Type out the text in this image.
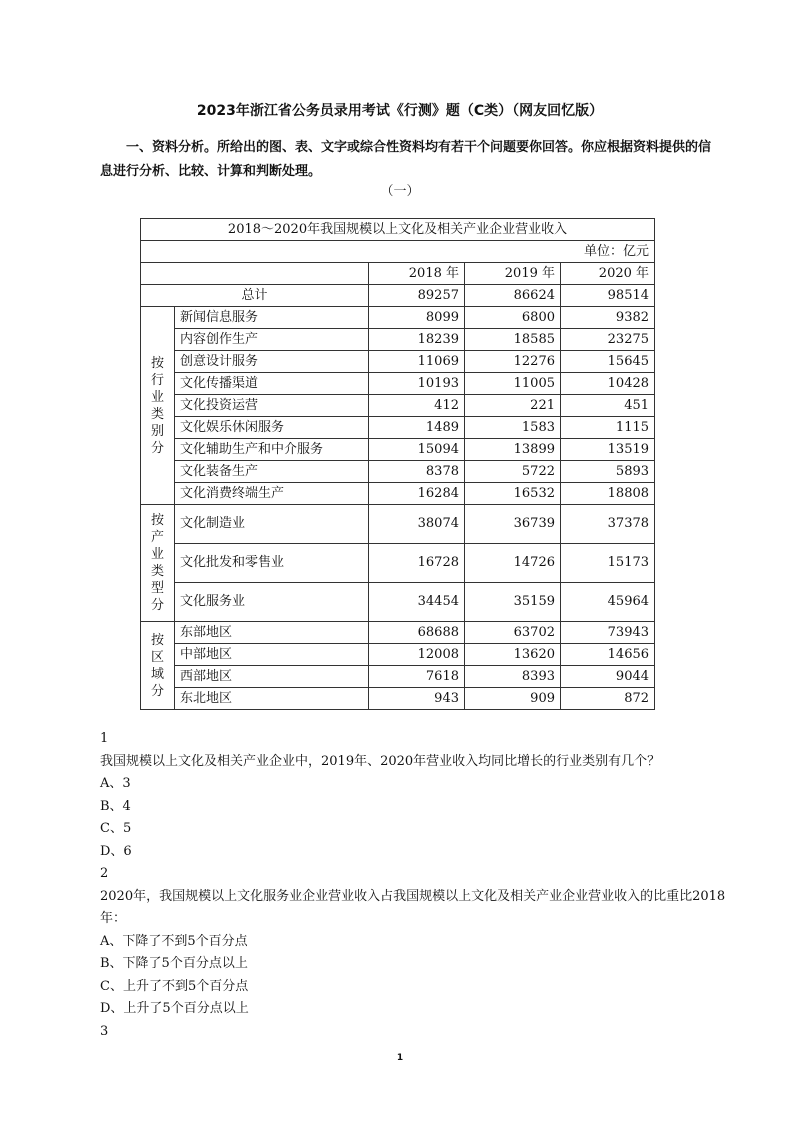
2023年浙江省公务员录用考试《行测》题（C类）（网友回忆版）
一、资料分析。所给出的图、表、文字或综合性资料均有若干个问题要你回答。你应根据资料提供的信息进行分析、比较、计算和判断处理。
（一）
2018～2020年我国规模以上文化及相关产业企业营业收入				
单位：亿元				
		2018 年	2019 年	2020 年
总计		89257	86624	98514

按行业类别分	新闻信息服务	8099	6800	9382
	内容创作生产	18239	18585	23275
	创意设计服务	11069	12276	15645
	文化传播渠道	10193	11005	10428
	文化投资运营	412	221	451
	文化娱乐休闲服务	1489	1583	1115
	文化辅助生产和中介服务	15094	13899	13519
	文化装备生产	8378	5722	5893
	文化消费终端生产	16284	16532	18808

按产业类型分	文化制造业	38074	36739	37378
	文化批发和零售业	16728	14726	15173
	文化服务业	34454	35159	45964

按区域分	东部地区	68688	63702	73943
	中部地区	12008	13620	14656
	西部地区	7618	8393	9044
	东北地区	943	909	872
1
我国规模以上文化及相关产业企业中，2019年、2020年营业收入均同比增长的行业类别有几个？
A、3
B、4
C、5
D、6
2
2020年，我国规模以上文化服务业企业营业收入占我国规模以上文化及相关产业企业营业收入的比重比2018年：
A、下降了不到5个百分点
B、下降了5个百分点以上
C、上升了不到5个百分点
D、上升了5个百分点以上
3
1
